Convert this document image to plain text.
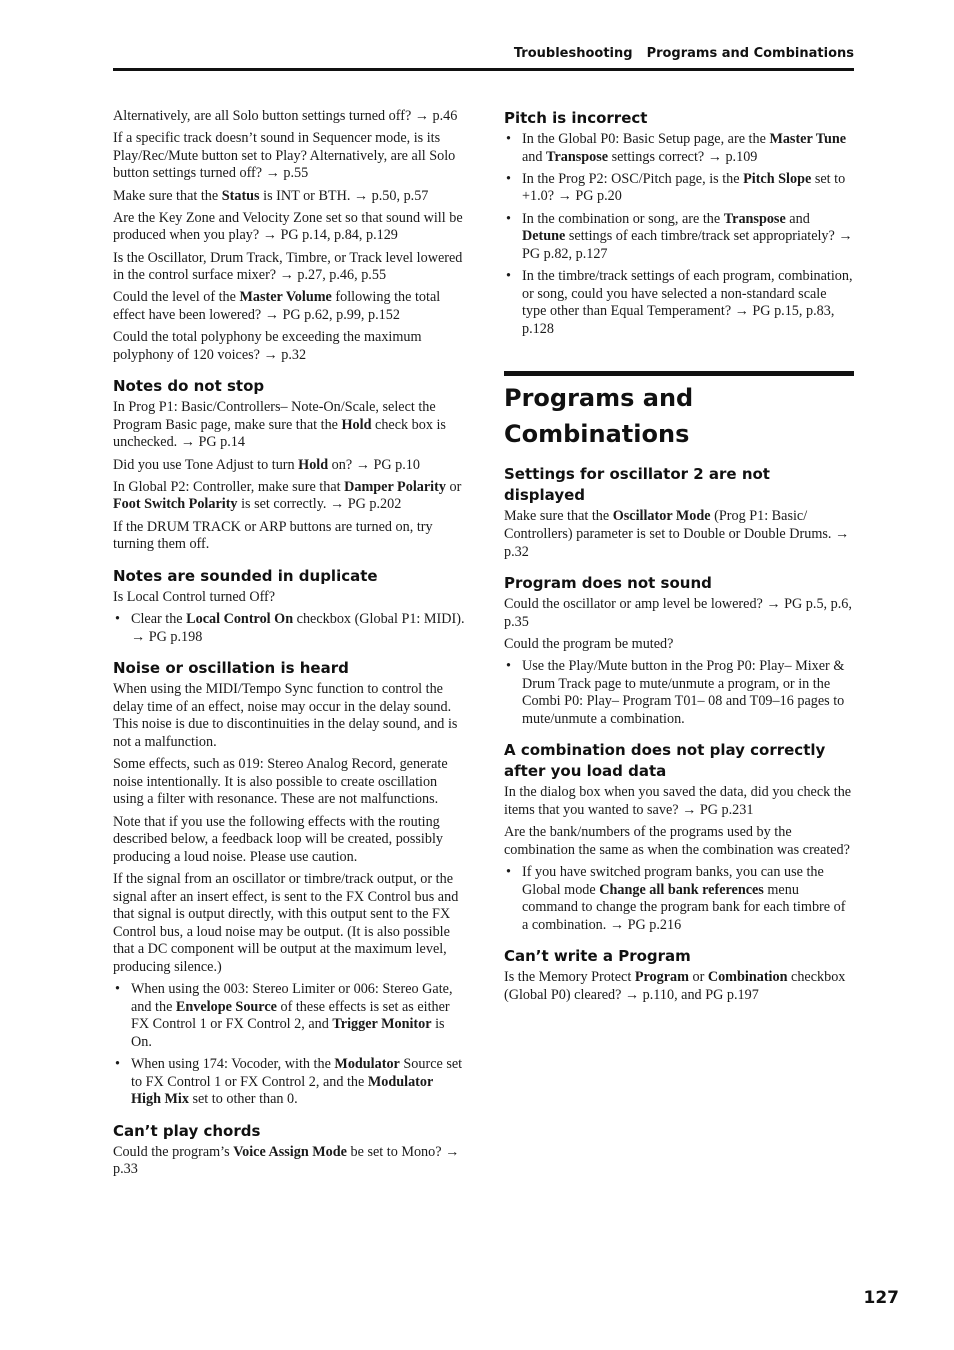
Troubleshooting Programs and Combinations

Alternatively, are all Solo button settings turned off? → p.46

If a specific track doesn’t sound in Sequencer mode, is its Play/Rec/Mute button set to Play? Alternatively, are all Solo button settings turned off? → p.55

Make sure that the Status is INT or BTH. → p.50, p.57

Are the Key Zone and Velocity Zone set so that sound will be produced when you play? → PG p.14, p.84, p.129

Is the Oscillator, Drum Track, Timbre, or Track level lowered in the control surface mixer? → p.27, p.46, p.55

Could the level of the Master Volume following the total effect have been lowered? → PG p.62, p.99, p.152

Could the total polyphony be exceeding the maximum polyphony of 120 voices? → p.32

Notes do not stop

In Prog P1: Basic/Controllers– Note-On/Scale, select the Program Basic page, make sure that the Hold check box is unchecked. → PG p.14

Did you use Tone Adjust to turn Hold on? → PG p.10

In Global P2: Controller, make sure that Damper Polarity or Foot Switch Polarity is set correctly. → PG p.202

If the DRUM TRACK or ARP buttons are turned on, try turning them off.

Notes are sounded in duplicate

Is Local Control turned Off?

• Clear the Local Control On checkbox (Global P1: MIDI). → PG p.198
Noise or oscillation is heard

When using the MIDI/Tempo Sync function to control the delay time of an effect, noise may occur in the delay sound. This noise is due to discontinuities in the delay sound, and is not a malfunction.

Some effects, such as 019: Stereo Analog Record, generate noise intentionally. It is also possible to create oscillation using a filter with resonance. These are not malfunctions.

Note that if you use the following effects with the routing described below, a feedback loop will be created, possibly producing a loud noise. Please use caution.

If the signal from an oscillator or timbre/track output, or the signal after an insert effect, is sent to the FX Control bus and that signal is output directly, with this output sent to the FX Control bus, a loud noise may be output. (It is also possible that a DC component will be output at the maximum level, producing silence.)

• When using the 003: Stereo Limiter or 006: Stereo Gate, and the Envelope Source of these effects is set as either FX Control 1 or FX Control 2, and Trigger Monitor is On.
• When using 174: Vocoder, with the Modulator Source set to FX Control 1 or FX Control 2, and the Modulator High Mix set to other than 0.
Can’t play chords

Could the program’s Voice Assign Mode be set to Mono? → p.33

Pitch is incorrect
• In the Global P0: Basic Setup page, are the Master Tune and Transpose settings correct? → p.109
• In the Prog P2: OSC/Pitch page, is the Pitch Slope set to +1.0? → PG p.20
• In the combination or song, are the Transpose and Detune settings of each timbre/track set appropriately? → PG p.82, p.127
• In the timbre/track settings of each program, combination, or song, could you have selected a non-standard scale type other than Equal Temperament? → PG p.15, p.83, p.128
Programs and Combinations
Settings for oscillator 2 are not displayed

Make sure that the Oscillator Mode (Prog P1: Basic/ Controllers) parameter is set to Double or Double Drums. → p.32

Program does not sound

Could the oscillator or amp level be lowered? → PG p.5, p.6, p.35

Could the program be muted?

• Use the Play/Mute button in the Prog P0: Play– Mixer & Drum Track page to mute/unmute a program, or in the Combi P0: Play– Program T01– 08 and T09–16 pages to mute/unmute a combination.
A combination does not play correctly after you load data

In the dialog box when you saved the data, did you check the items that you wanted to save? → PG p.231

Are the bank/numbers of the programs used by the combination the same as when the combination was created?

• If you have switched program banks, you can use the Global mode Change all bank references menu command to change the program bank for each timbre of a combination. → PG p.216
Can’t write a Program

Is the Memory Protect Program or Combination checkbox (Global P0) cleared? → p.110, and PG p.197

127
